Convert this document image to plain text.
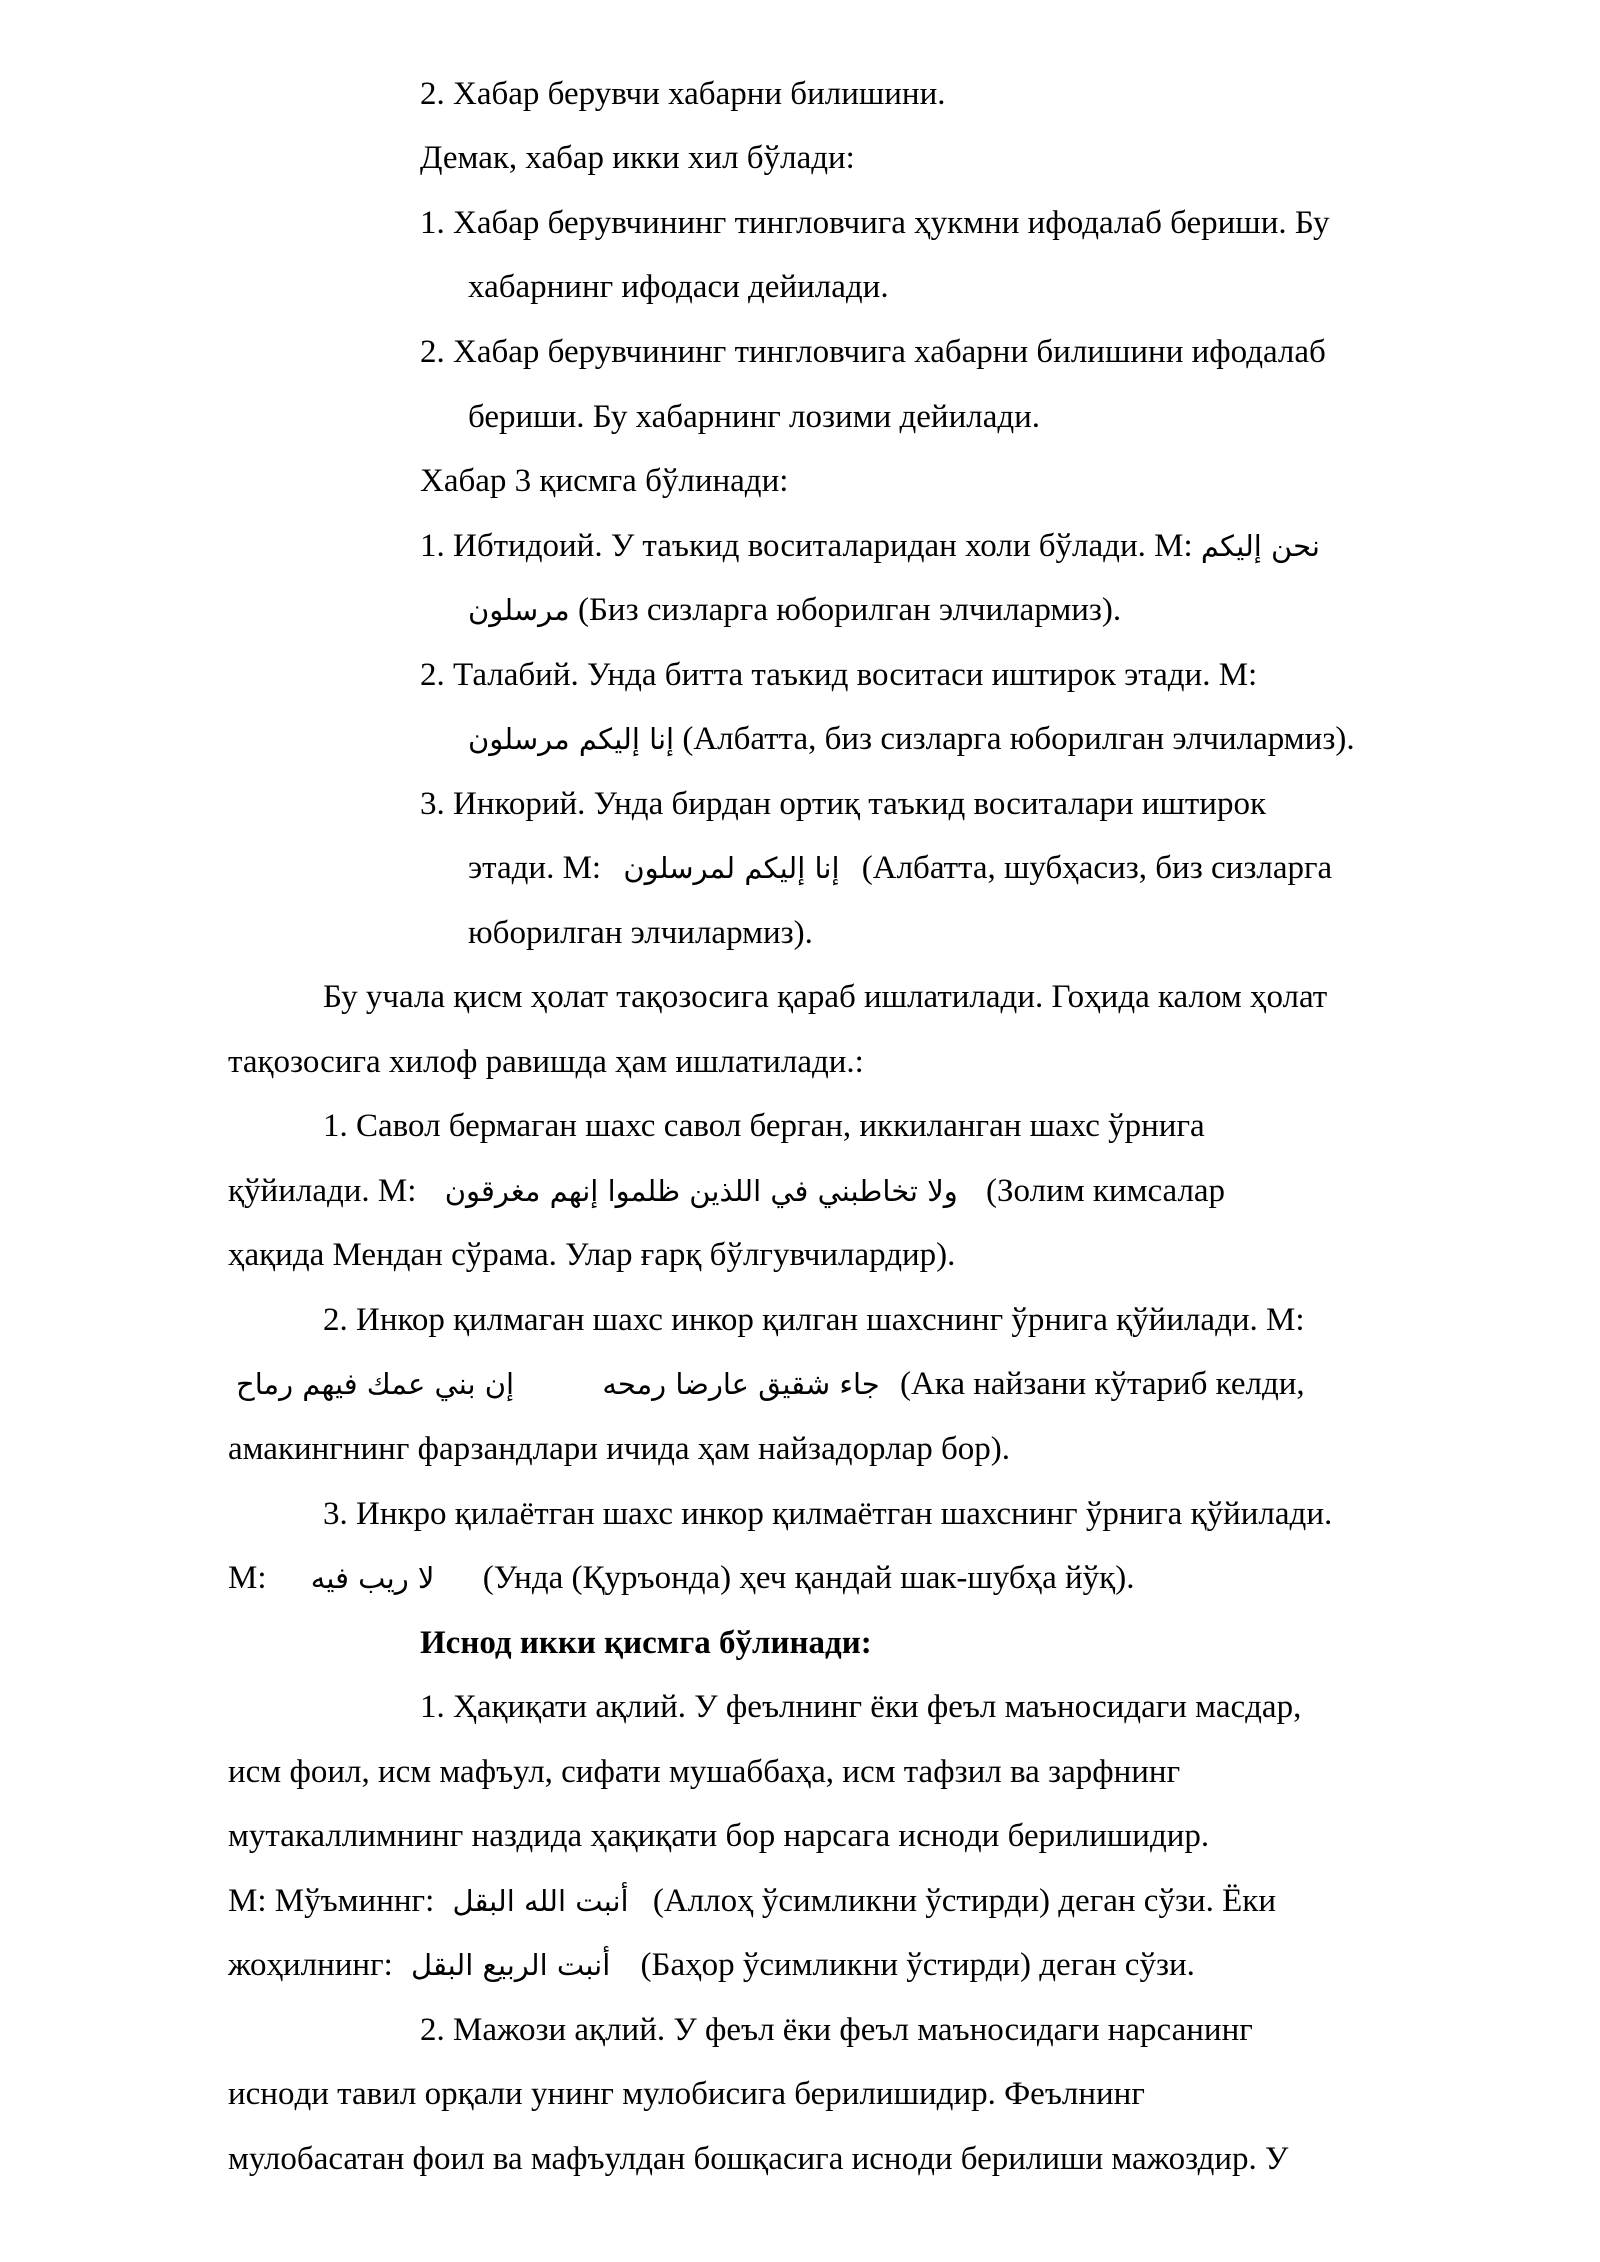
2. Хабар берувчи хабарни билишини.
Демак, хабар икки хил бўлади:
1. Хабар берувчининг тингловчига ҳукмни ифодалаб бериши. Бу
хабарнинг ифодаси дейилади.
2. Хабар берувчининг тингловчига хабарни билишини ифодалаб
бериши. Бу хабарнинг лозими дейилади.
Хабар 3 қисмга бўлинади:
1. Ибтидоий. У таъкид воситаларидан холи бўлади. М: نحن إليكم
مرسلون (Биз сизларга юборилган элчилармиз).
2. Талабий. Унда битта таъкид воситаси иштирок этади. М:
إنا إليكم مرسلون (Албатта, биз сизларга юборилган элчилармиз).
3. Инкорий. Унда бирдан ортиқ таъкид воситалари иштирок
этади. М: إنا إليكم لمرسلون (Албатта, шубҳасиз, биз сизларга
юборилган элчилармиз).
Бу учала қисм ҳолат тақозосига қараб ишлатилади. Гоҳида калом ҳолат
тақозосига хилоф равишда ҳам ишлатилади.:
1. Савол бермаган шахс савол берган, иккиланган шахс ўрнига
қўйилади. М: ولا تخاطبني في اللذين ظلموا إنهم مغرقون (Золим кимсалар
ҳақида Мендан сўрама. Улар ғарқ бўлгувчилардир).
2. Инкор қилмаган шахс инкор қилган шахснинг ўрнига қўйилади. М:
إن بني عمك فيهم رماح	جاء شقيق عارضا رمحه (Ака найзани кўтариб келди,
амакингнинг фарзандлари ичида ҳам найзадорлар бор).
3. Инкро қилаётган шахс инкор қилмаётган шахснинг ўрнига қўйилади.
М: لا ريب فيه (Унда (Қуръонда) ҳеч қандай шак-шубҳа йўқ).
Иснод икки қисмга бўлинади:
1. Ҳақиқати ақлий. У феълнинг ёки феъл маъносидаги масдар,
исм фоил, исм мафъул, сифати мушаббаҳа, исм тафзил ва зарфнинг
мутакаллимнинг наздида ҳақиқати бор нарсага иснoди берилишидир.
М: Мўъминнг: أنبت الله البقل (Аллоҳ ўсимликни ўстирди) деган сўзи. Ёки
жоҳилнинг: أنبت الربيع البقل (Баҳор ўсимликни ўстирди) деган сўзи.
2. Мажози ақлий. У феъл ёки феъл маъносидаги нарсанинг
иснoди тавил орқали унинг мулобисига берилишидир. Феълнинг
мулобасатан фоил ва мафъулдан бошқасига иснoди берилиши мажоздир. У
